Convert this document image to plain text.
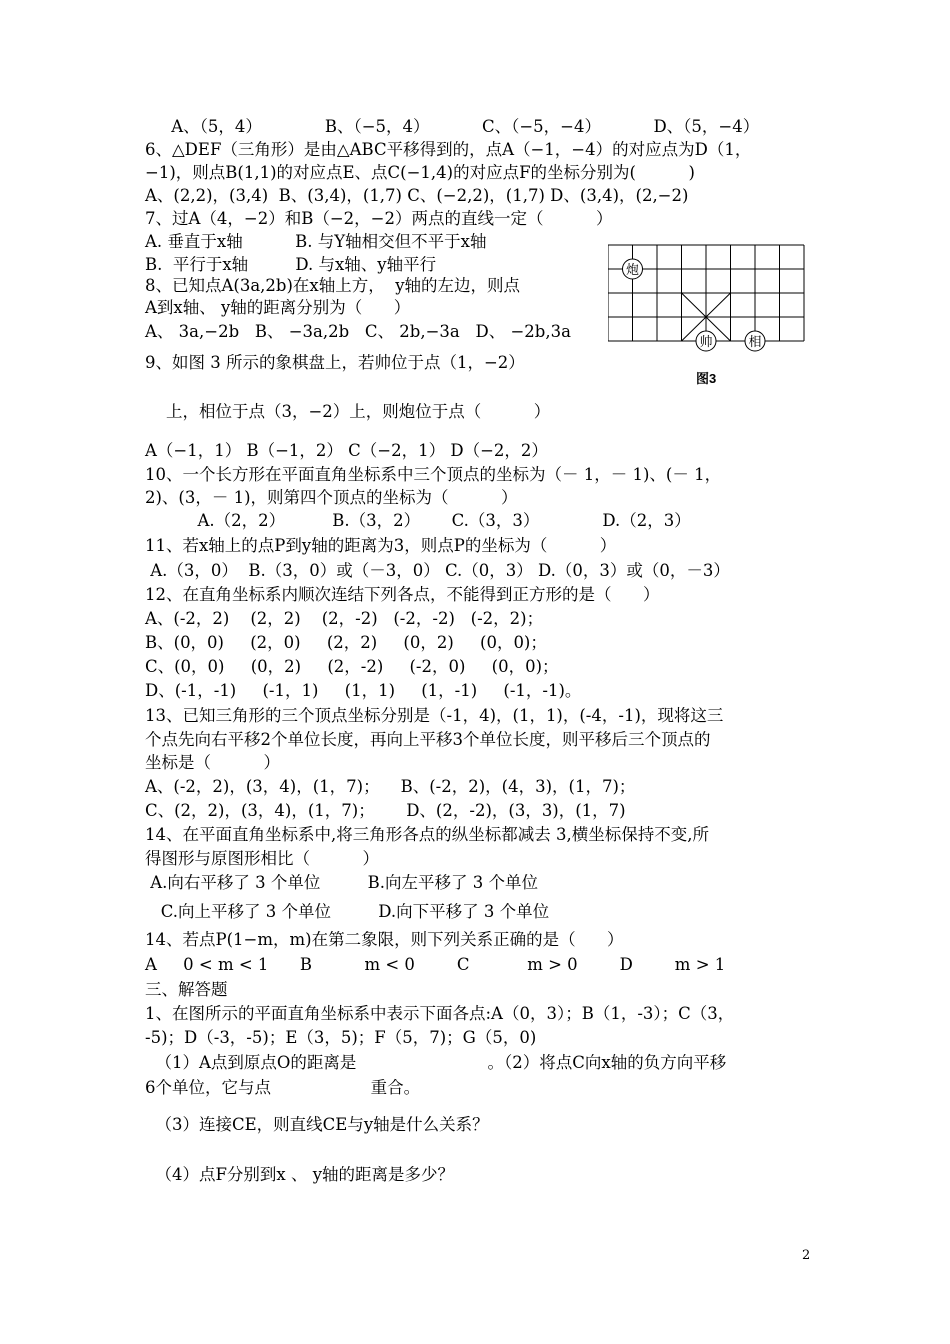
A、（5，4）            B、（−5，4）          C、（−5，−4）          D、（5，−4）
6、△DEF（三角形）是由△ABC平移得到的，点A（−1，−4）的对应点为D（1，
−1)，则点B(1,1)的对应点E、点C(−1,4)的对应点F的坐标分别为(          )
A、(2,2)，(3,4)  B、(3,4)，(1,7) C、(−2,2)，(1,7) D、(3,4)，(2,−2)
7、过A（4，−2）和B（−2，−2）两点的直线一定（          ）
A. 垂直于x轴          B. 与Y轴相交但不平于x轴
B.  平行于x轴         D. 与x轴、y轴平行
8、已知点A(3a,2b)在x轴上方，  y轴的左边，则点
A到x轴、 y轴的距离分别为（      ）
A、 3a,−2b   B、 −3a,2b   C、 2b,−3a   D、 −2b,3a
9、如图 3 所示的象棋盘上，若帅位于点（1，−2）
上，相位于点（3，−2）上，则炮位于点（          ）
A（−1，1） B（−1，2） C（−2，1） D（−2，2）
10、一个长方形在平面直角坐标系中三个顶点的坐标为（－ 1，－ 1)、(－ 1，
2)、(3，－ 1)，则第四个顶点的坐标为（          ）
A.（2，2）         B.（3，2）      C.（3，3）            D.（2，3）
11、若x轴上的点P到y轴的距离为3，则点P的坐标为（          ）
A.（3，0）  B.（3，0）或（－3，0） C.（0，3） D.（0，3）或（0，－3）
12、在直角坐标系内顺次连结下列各点，不能得到正方形的是（      ）
A、(-2，2)    (2，2)    (2，-2)   (-2，-2)   (-2，2)；
B、(0，0)     (2，0)     (2，2)     (0，2)     (0，0)；
C、(0，0)     (0，2)     (2，-2)     (-2，0)     (0，0)；
D、(-1，-1)     (-1，1)     (1，1)     (1，-1)     (-1，-1)。
13、已知三角形的三个顶点坐标分别是（-1，4)，(1，1)，(-4，-1)，现将这三
个点先向右平移2个单位长度，再向上平移3个单位长度，则平移后三个顶点的
坐标是（          ）
A、(-2，2)，(3，4)，(1，7)；    B、(-2，2)，(4，3)，(1，7)；
C、(2，2)，(3，4)，(1，7)；      D、(2，-2)，(3，3)，(1，7)
14、在平面直角坐标系中,将三角形各点的纵坐标都减去 3,横坐标保持不变,所
得图形与原图形相比（          ）
A.向右平移了 3 个单位         B.向左平移了 3 个单位
C.向上平移了 3 个单位         D.向下平移了 3 个单位
14、若点P(1−m，m)在第二象限，则下列关系正确的是（      ）
A     0 < m < 1      B          m < 0        C           m > 0        D        m > 1
三、解答题
1、在图所示的平面直角坐标系中表示下面各点:A（0，3）；B（1，-3）；C（3，
-5)；D（-3，-5)；E（3，5)；F（5，7)；G（5，0)
（1）A点到原点O的距离是                         。（2）将点C向x轴的负方向平移
6个单位，它与点                   重合。
（3）连接CE，则直线CE与y轴是什么关系？
（4）点F分别到x 、 y轴的距离是多少？
炮
帅	相
图3
2
